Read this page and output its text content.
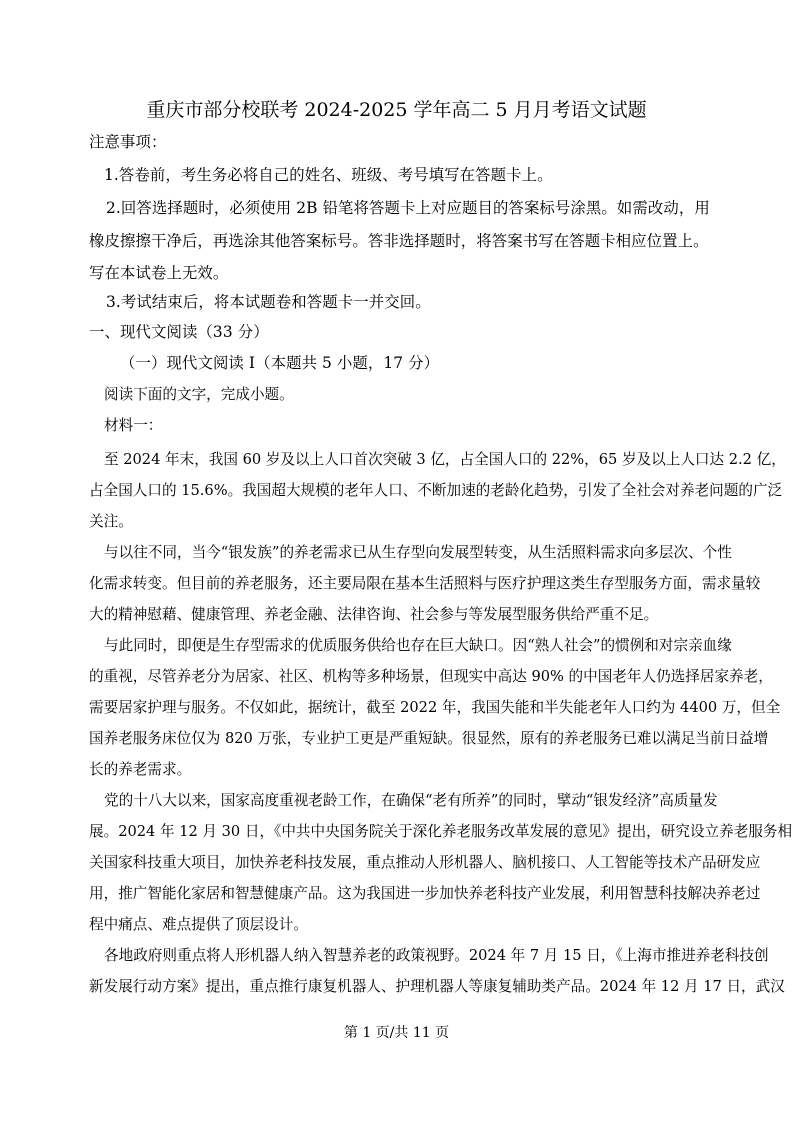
重庆市部分校联考 2024-2025 学年高二 5 月月考语文试题
注意事项：
1.答卷前，考生务必将自己的姓名、班级、考号填写在答题卡上。
2.回答选择题时，必须使用 2B 铅笔将答题卡上对应题目的答案标号涂黑。如需改动，用
橡皮擦擦干净后，再选涂其他答案标号。答非选择题时，将答案书写在答题卡相应位置上。
写在本试卷上无效。
3.考试结束后，将本试题卷和答题卡一并交回。
一、现代文阅读（33 分）
（一）现代文阅读 I（本题共 5 小题，17 分）
阅读下面的文字，完成小题。
材料一：
至 2024 年末，我国 60 岁及以上人口首次突破 3 亿，占全国人口的 22%，65 岁及以上人口达 2.2 亿，
占全国人口的 15.6%。我国超大规模的老年人口、不断加速的老龄化趋势，引发了全社会对养老问题的广泛
关注。
与以往不同，当今“银发族”的养老需求已从生存型向发展型转变，从生活照料需求向多层次、个性
化需求转变。但目前的养老服务，还主要局限在基本生活照料与医疗护理这类生存型服务方面，需求量较
大的精神慰藉、健康管理、养老金融、法律咨询、社会参与等发展型服务供给严重不足。
与此同时，即便是生存型需求的优质服务供给也存在巨大缺口。因“熟人社会”的惯例和对宗亲血缘
的重视，尽管养老分为居家、社区、机构等多种场景，但现实中高达 90% 的中国老年人仍选择居家养老，
需要居家护理与服务。不仅如此，据统计，截至 2022 年，我国失能和半失能老年人口约为 4400 万，但全
国养老服务床位仅为 820 万张，专业护工更是严重短缺。很显然，原有的养老服务已难以满足当前日益增
长的养老需求。
党的十八大以来，国家高度重视老龄工作，在确保“老有所养”的同时，擘动“银发经济”高质量发
展。2024 年 12 月 30 日，《中共中央国务院关于深化养老服务改革发展的意见》提出，研究设立养老服务相
关国家科技重大项目，加快养老科技发展，重点推动人形机器人、脑机接口、人工智能等技术产品研发应
用，推广智能化家居和智慧健康产品。这为我国进一步加快养老科技产业发展，利用智慧科技解决养老过
程中痛点、难点提供了顶层设计。
各地政府则重点将人形机器人纳入智慧养老的政策视野。2024 年 7 月 15 日，《上海市推进养老科技创
新发展行动方案》提出，重点推行康复机器人、护理机器人等康复辅助类产品。2024 年 12 月 17 日，武汉
第 1 页/共 11 页
